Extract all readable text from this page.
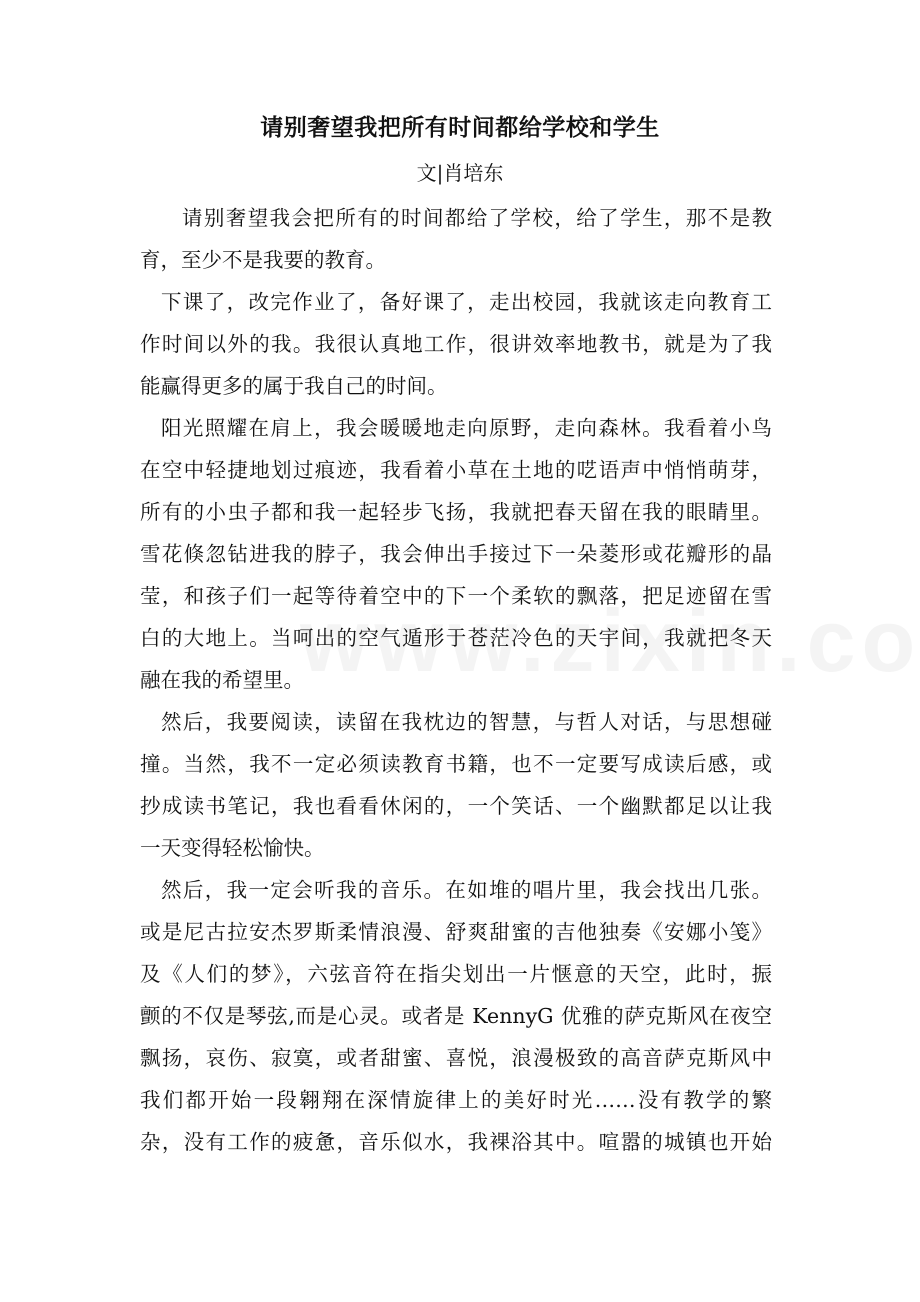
请别奢望我把所有时间都给学校和学生
文|肖培东
请别奢望我会把所有的时间都给了学校，给了学生，那不是教
育，至少不是我要的教育。
下课了，改完作业了，备好课了，走出校园，我就该走向教育工
作时间以外的我。我很认真地工作，很讲效率地教书，就是为了我
能赢得更多的属于我自己的时间。
阳光照耀在肩上，我会暖暖地走向原野，走向森林。我看着小鸟
在空中轻捷地划过痕迹，我看着小草在土地的呓语声中悄悄萌芽，
所有的小虫子都和我一起轻步飞扬，我就把春天留在我的眼睛里。
雪花倏忽钻进我的脖子，我会伸出手接过下一朵菱形或花瓣形的晶
莹，和孩子们一起等待着空中的下一个柔软的飘落，把足迹留在雪
白的大地上。当呵出的空气遁形于苍茫冷色的天宇间，我就把冬天
融在我的希望里。
然后，我要阅读，读留在我枕边的智慧，与哲人对话，与思想碰
撞。当然，我不一定必须读教育书籍，也不一定要写成读后感，或
抄成读书笔记，我也看看休闲的，一个笑话、一个幽默都足以让我
一天变得轻松愉快。
然后，我一定会听我的音乐。在如堆的唱片里，我会找出几张。
或是尼古拉安杰罗斯柔情浪漫、舒爽甜蜜的吉他独奏《安娜小笺》
及《人们的梦》，六弦音符在指尖划出一片惬意的天空，此时，振
颤的不仅是琴弦,而是心灵。或者是 KennyG 优雅的萨克斯风在夜空
飘扬，哀伤、寂寞，或者甜蜜、喜悦，浪漫极致的高音萨克斯风中
我们都开始一段翱翔在深情旋律上的美好时光……没有教学的繁
杂，没有工作的疲惫，音乐似水，我裸浴其中。喧嚣的城镇也开始
